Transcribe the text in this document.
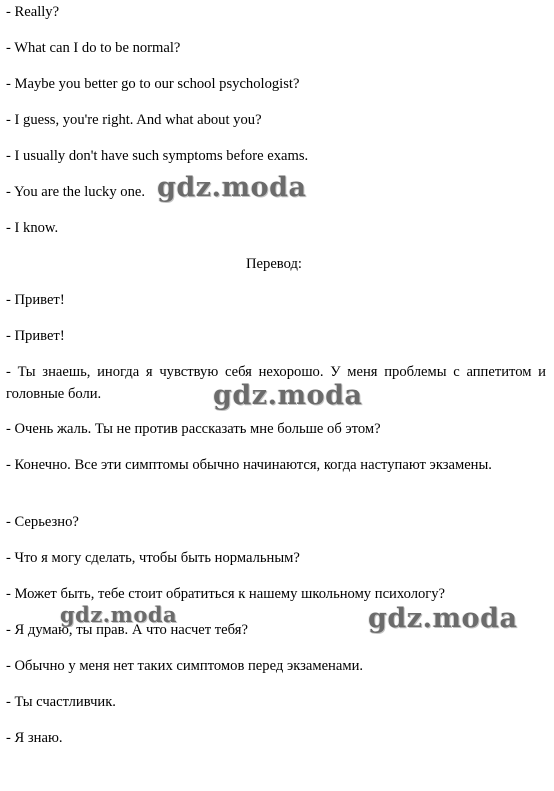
- Really?
- What can I do to be normal?
- Maybe you better go to our school psychologist?
- I guess, you're right. And what about you?
- I usually don't have such symptoms before exams.
- You are the lucky one.
- I know.
Перевод:
- Привет!
- Привет!
- Ты знаешь, иногда я чувствую себя нехорошо. У меня проблемы с аппетитом и головные боли.
- Очень жаль. Ты не против рассказать мне больше об этом?
- Конечно. Все эти симптомы обычно начинаются, когда наступают экзамены.
- Серьезно?
- Что я могу сделать, чтобы быть нормальным?
- Может быть, тебе стоит обратиться к нашему школьному психологу?
- Я думаю, ты прав. А что насчет тебя?
- Обычно у меня нет таких симптомов перед экзаменами.
- Ты счастливчик.
- Я знаю.
gdz.moda
gdz.moda
gdz.moda	gdz.moda
